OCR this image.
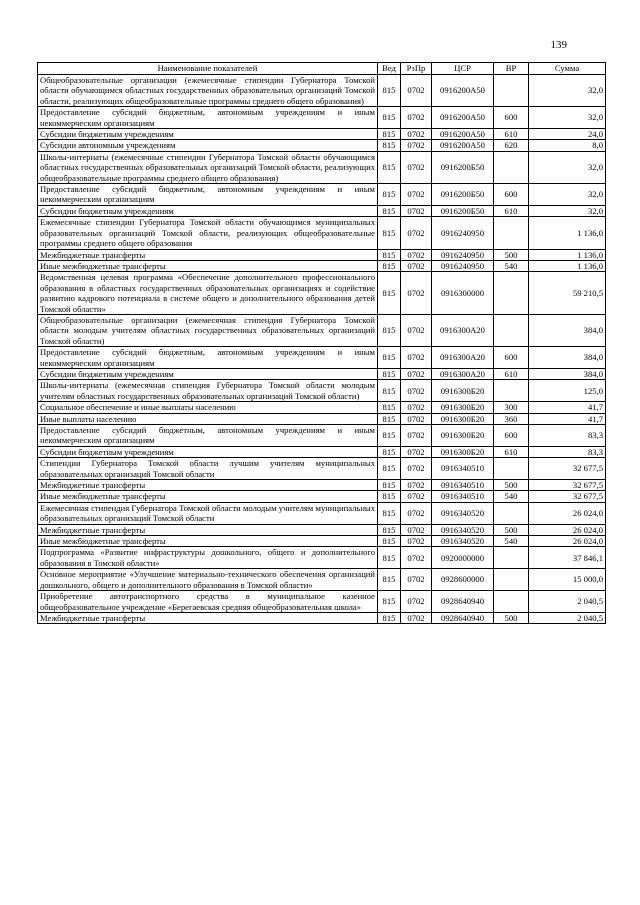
139
Наименование показателей	Вед	РзПр	ЦСР	ВР	Сумма
Общеобразовательные организации (ежемесячные стипендии Губернатора Томской области обучающимся областных государственных образовательных организаций Томской области, реализующих общеобразовательные программы среднего общего образования)	815	0702	0916200А50		32,0
Предоставление субсидий бюджетным, автономным учреждениям и иным некоммерческим организациям	815	0702	0916200А50	600	32,0
Субсидии бюджетным учреждениям	815	0702	0916200А50	610	24,0
Субсидии автономным учреждениям	815	0702	0916200А50	620	8,0
Школы-интернаты (ежемесячные стипендии Губернатора Томской области обучающимся областных государственных образовательных организаций Томской области, реализующих общеобразовательные программы среднего общего образования)	815	0702	0916200Б50		32,0
Предоставление субсидий бюджетным, автономным учреждениям и иным некоммерческим организациям	815	0702	0916200Б50	600	32,0
Субсидии бюджетным учреждениям	815	0702	0916200Б50	610	32,0
Ежемесячные стипендии Губернатора Томской области обучающимся муниципальных образовательных организаций Томской области, реализующих общеобразовательные программы среднего общего образования	815	0702	0916240950		1 136,0
Межбюджетные трансферты	815	0702	0916240950	500	1 136,0
Иные межбюджетные трансферты	815	0702	0916240950	540	1 136,0
Ведомственная целевая программа «Обеспечение дополнительного профессионального образования в областных государственных образовательных организациях и содействие развитию кадрового потенциала в системе общего и дополнительного образования детей Томской области»	815	0702	0916300000		59 210,5
Общеобразовательные организации (ежемесячная стипендия Губернатора Томской области молодым учителям областных государственных образовательных организаций Томской области)	815	0702	0916300А20		384,0
Предоставление субсидий бюджетным, автономным учреждениям и иным некоммерческим организациям	815	0702	0916300А20	600	384,0
Субсидии бюджетным учреждениям	815	0702	0916300А20	610	384,0
Школы-интернаты (ежемесячная стипендия Губернатора Томской области молодым учителям областных государственных образовательных организаций Томской области)	815	0702	0916300Б20		125,0
Социальное обеспечение и иные выплаты населению	815	0702	0916300Б20	300	41,7
Иные выплаты населению	815	0702	0916300Б20	360	41,7
Предоставление субсидий бюджетным, автономным учреждениям и иным некоммерческим организациям	815	0702	0916300Б20	600	83,3
Субсидии бюджетным учреждениям	815	0702	0916300Б20	610	83,3
Стипендии Губернатора Томской области лучшим учителям муниципальных образовательных организаций Томской области	815	0702	0916340510		32 677,5
Межбюджетные трансферты	815	0702	0916340510	500	32 677,5
Иные межбюджетные трансферты	815	0702	0916340510	540	32 677,5
Ежемесячная стипендия Губернатора Томской области молодым учителям муниципальных образовательных организаций Томской области	815	0702	0916340520		26 024,0
Межбюджетные трансферты	815	0702	0916340520	500	26 024,0
Иные межбюджетные трансферты	815	0702	0916340520	540	26 024,0
Подпрограмма «Развитие инфраструктуры дошкольного, общего и дополнительного образования в Томской области»	815	0702	0920000000		37 846,1
Основное мероприятие «Улучшение материально-технического обеспечения организаций дошкольного, общего и дополнительного образования в Томской области»	815	0702	0928600000		15 000,0
Приобретение автотранспортного средства в муниципальное казенное общеобразовательное учреждение «Берегаевская средняя общеобразовательная школа»	815	0702	0928640940		2 040,5
Межбюджетные трансферты	815	0702	0928640940	500	2 040,5
